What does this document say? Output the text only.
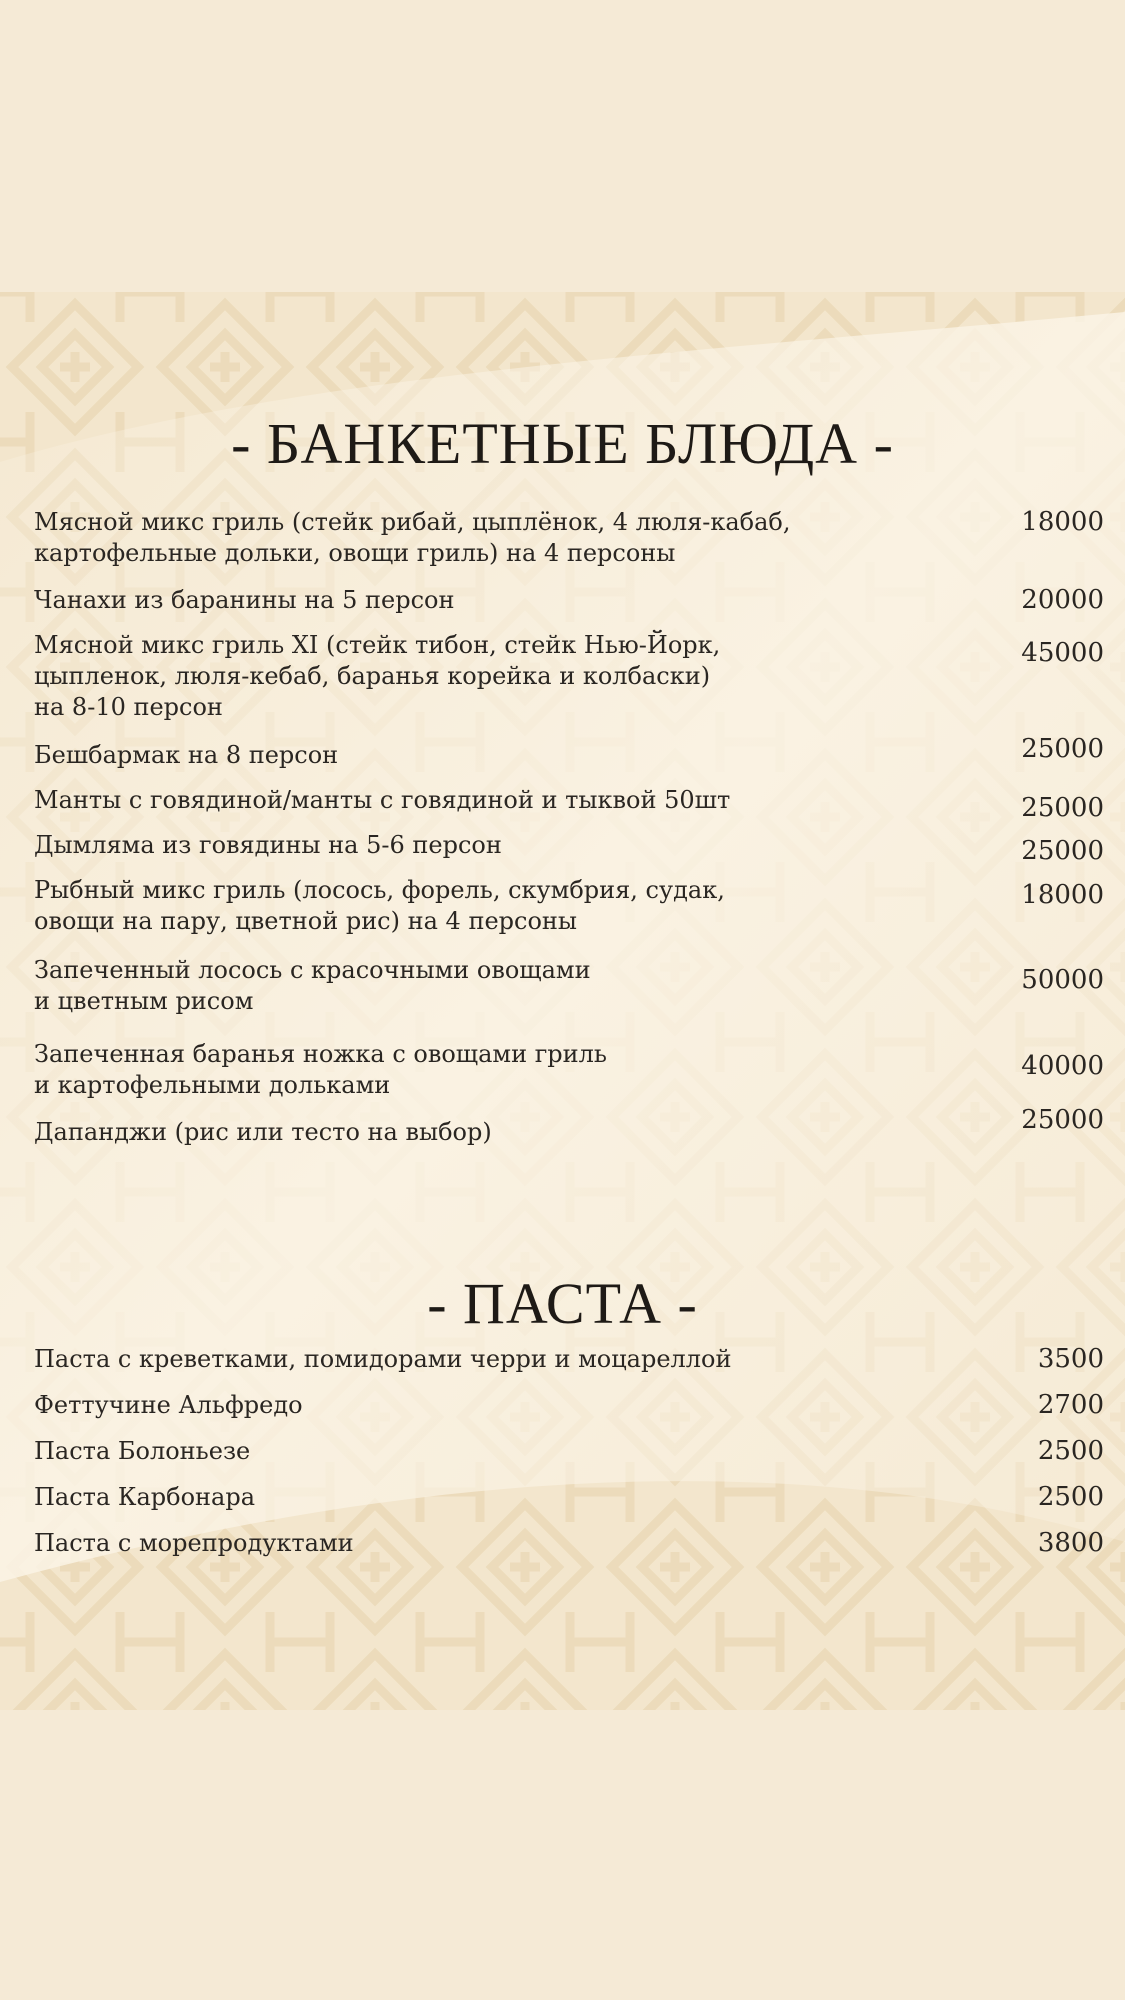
- БАНКЕТНЫЕ БЛЮДА -
Мясной микс гриль (стейк рибай, цыплёнок, 4 люля-кабаб,
картофельные дольки, овощи гриль) на 4 персоны
18000
Чанахи из баранины на 5 персон	20000
Мясной микс гриль XI (стейк тибон, стейк Нью-Йорк,
цыпленок, люля-кебаб, баранья корейка и колбаски)
на 8-10 персон
45000
Бешбармак на 8 персон	25000
Манты с говядиной/манты с говядиной и тыквой 50шт	25000
Дымляма из говядины на 5-6 персон	25000
Рыбный микс гриль (лосось, форель, скумбрия, судак,
овощи на пару, цветной рис) на 4 персоны
18000
Запеченный лосось с красочными овощами
и цветным рисом
50000
Запеченная баранья ножка с овощами гриль
и картофельными дольками
40000
Дапанджи (рис или тесто на выбор)	25000
- ПАСТА -
Паста с креветками, помидорами черри и моцареллой	3500
Феттучине Альфредо	2700
Паста Болоньезе	2500
Паста Карбонара	2500
Паста с морепродуктами	3800
